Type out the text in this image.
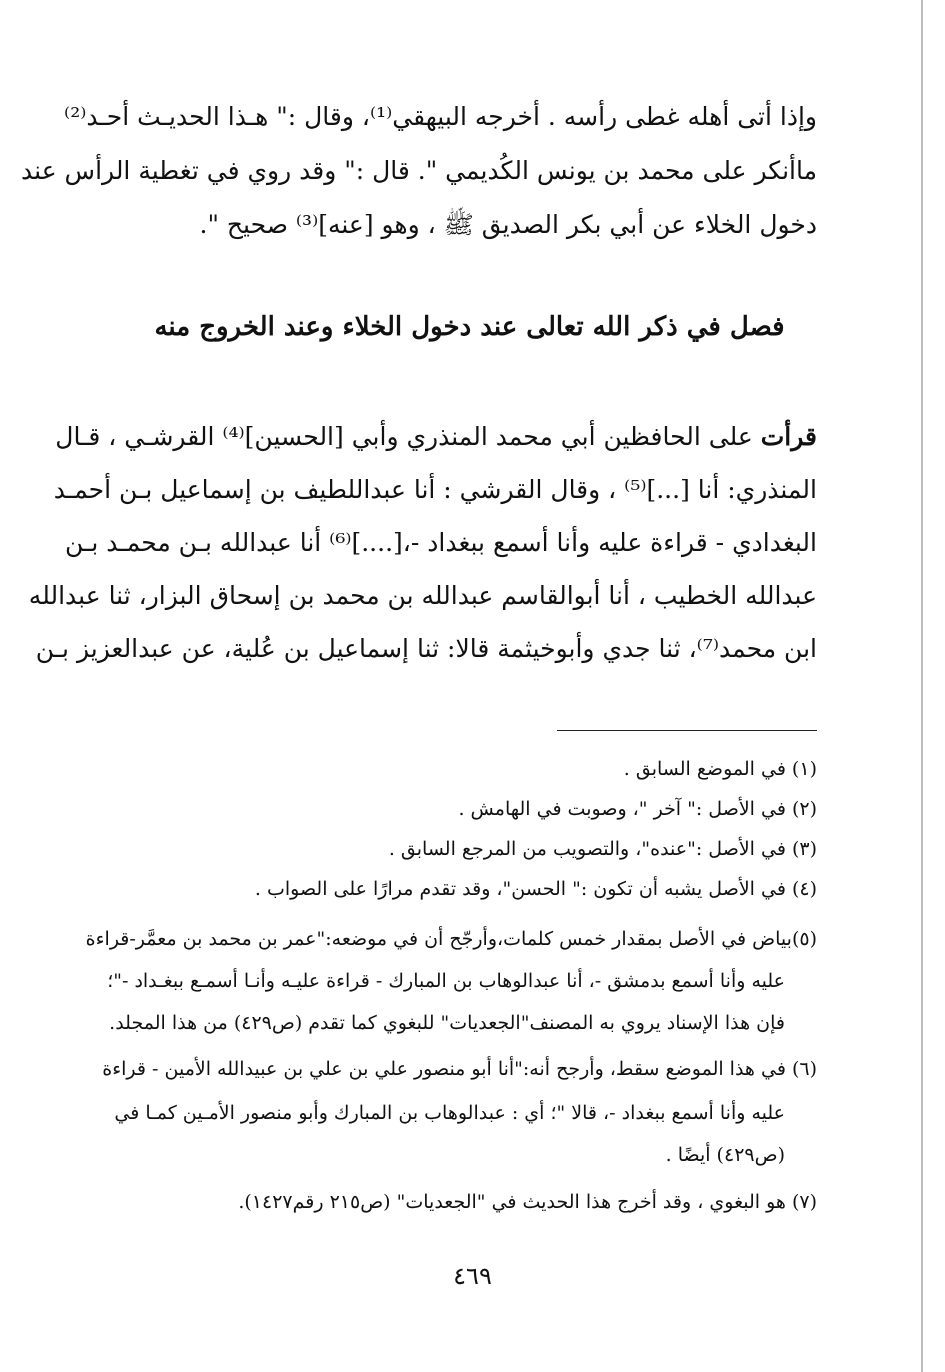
وإذا أتى أهله غطى رأسه . أخرجه البيهقي⁽¹⁾، وقال :" هـذا الحديـث أحـد⁽²⁾
ماأنكر على محمد بن يونس الكُديمي ". قال :" وقد روي في تغطية الرأس عند
دخول الخلاء عن أبي بكر الصديق ﷺ ، وهو [عنه]⁽³⁾ صحيح ".
فصل في ذكر الله تعالى عند دخول الخلاء وعند الخروج منه
قرأت على الحافظين أبي محمد المنذري وأبي [الحسين]⁽⁴⁾ القرشـي ، قـال
المنذري: أنا [...]⁽⁵⁾ ، وقال القرشي : أنا عبداللطيف بن إسماعيل بـن أحمـد
البغدادي - قراءة عليه وأنا أسمع ببغداد -،[....]⁽⁶⁾ أنا عبدالله بـن محمـد بـن
عبدالله الخطيب ، أنا أبوالقاسم عبدالله بن محمد بن إسحاق البزار، ثنا عبدالله
ابن محمد⁽⁷⁾، ثنا جدي وأبوخيثمة قالا: ثنا إسماعيل بن عُلية، عن عبدالعزيز بـن
(١) في الموضع السابق .
(٢) في الأصل :" آخر "، وصوبت في الهامش .
(٣) في الأصل :"عنده"، والتصويب من المرجع السابق .
(٤) في الأصل يشبه أن تكون :" الحسن"، وقد تقدم مرارًا على الصواب .
(٥)بياض في الأصل بمقدار خمس كلمات،وأرجّح أن في موضعه:"عمر بن محمد بن معمَّر-قراءة
عليه وأنا أسمع بدمشق -، أنا عبدالوهاب بن المبارك - قراءة عليـه وأنـا أسمـع ببغـداد -"؛
فإن هذا الإسناد يروي به المصنف"الجعديات" للبغوي كما تقدم (ص٤٢٩) من هذا المجلد.
(٦) في هذا الموضع سقط، وأرجح أنه:"أنا أبو منصور علي بن علي بن عبيدالله الأمين - قراءة
عليه وأنا أسمع ببغداد -، قالا "؛ أي : عبدالوهاب بن المبارك وأبو منصور الأمـين كمـا في
(ص٤٢٩) أيضًا .
(٧) هو البغوي ، وقد أخرج هذا الحديث في "الجعديات" (ص٢١٥ رقم١٤٢٧).
٤٦٩
